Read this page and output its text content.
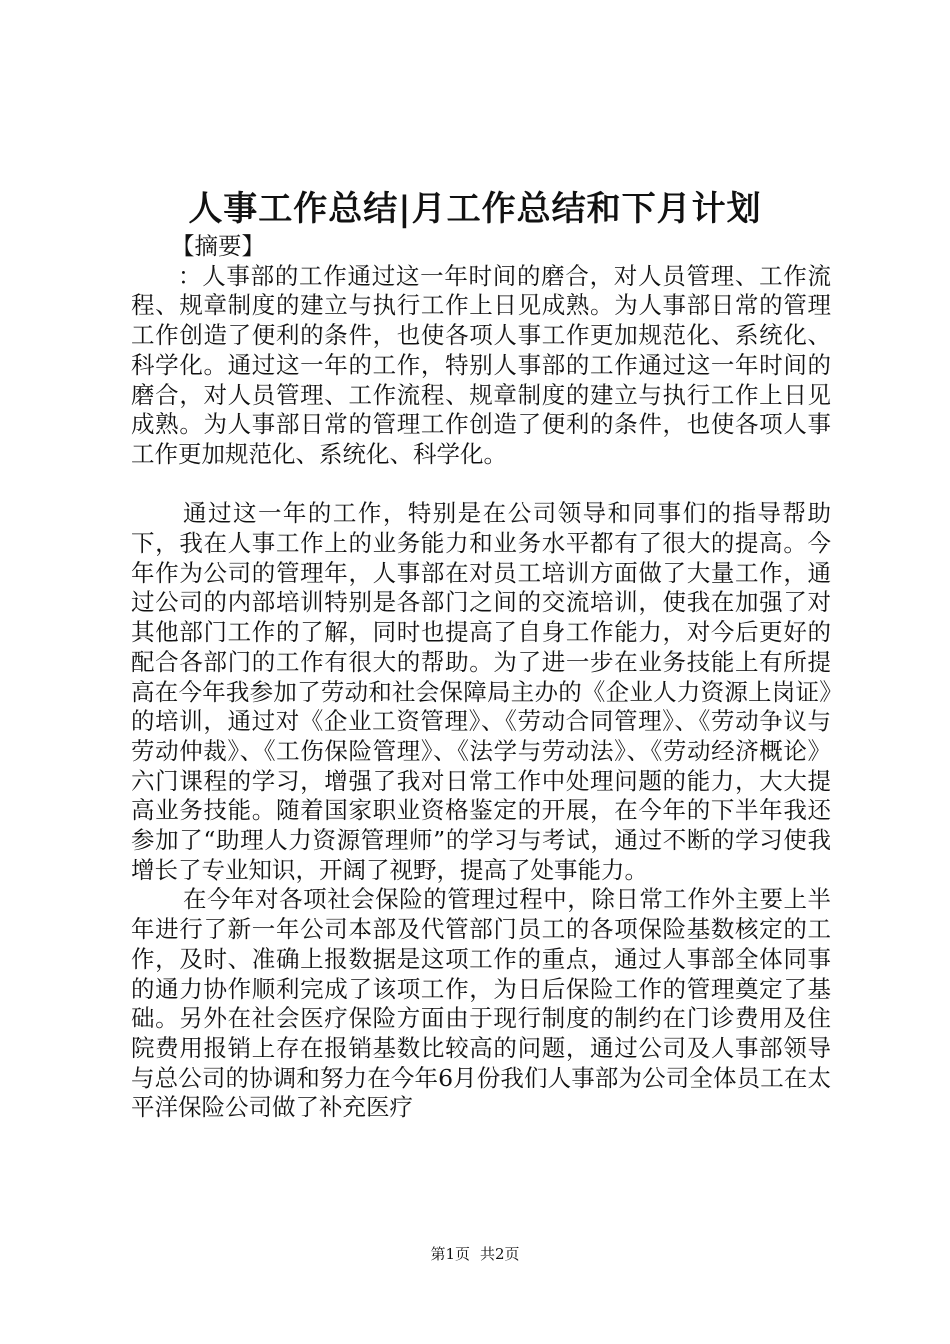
人事工作总结|月工作总结和下月计划

【摘要】

：人事部的工作通过这一年时间的磨合，对人员管理、工作流程、规章制度的建立与执行工作上日见成熟。为人事部日常的管理工作创造了便利的条件，也使各项人事工作更加规范化、系统化、科学化。通过这一年的工作，特别人事部的工作通过这一年时间的磨合，对人员管理、工作流程、规章制度的建立与执行工作上日见成熟。为人事部日常的管理工作创造了便利的条件，也使各项人事工作更加规范化、系统化、科学化。

通过这一年的工作，特别是在公司领导和同事们的指导帮助下，我在人事工作上的业务能力和业务水平都有了很大的提高。今年作为公司的管理年，人事部在对员工培训方面做了大量工作，通过公司的内部培训特别是各部门之间的交流培训，使我在加强了对其他部门工作的了解，同时也提高了自身工作能力，对今后更好的配合各部门的工作有很大的帮助。为了进一步在业务技能上有所提高在今年我参加了劳动和社会保障局主办的《企业人力资源上岗证》的培训，通过对《企业工资管理》、《劳动合同管理》、《劳动争议与劳动仲裁》、《工伤保险管理》、《法学与劳动法》、《劳动经济概论》六门课程的学习，增强了我对日常工作中处理问题的能力，大大提高业务技能。随着国家职业资格鉴定的开展，在今年的下半年我还参加了“助理人力资源管理师”的学习与考试，通过不断的学习使我增长了专业知识，开阔了视野，提高了处事能力。

在今年对各项社会保险的管理过程中，除日常工作外主要上半年进行了新一年公司本部及代管部门员工的各项保险基数核定的工作，及时、准确上报数据是这项工作的重点，通过人事部全体同事的通力协作顺利完成了该项工作，为日后保险工作的管理奠定了基础。另外在社会医疗保险方面由于现行制度的制约在门诊费用及住院费用报销上存在报销基数比较高的问题，通过公司及人事部领导与总公司的协调和努力在今年6月份我们人事部为公司全体员工在太平洋保险公司做了补充医疗

第1页 共2页
